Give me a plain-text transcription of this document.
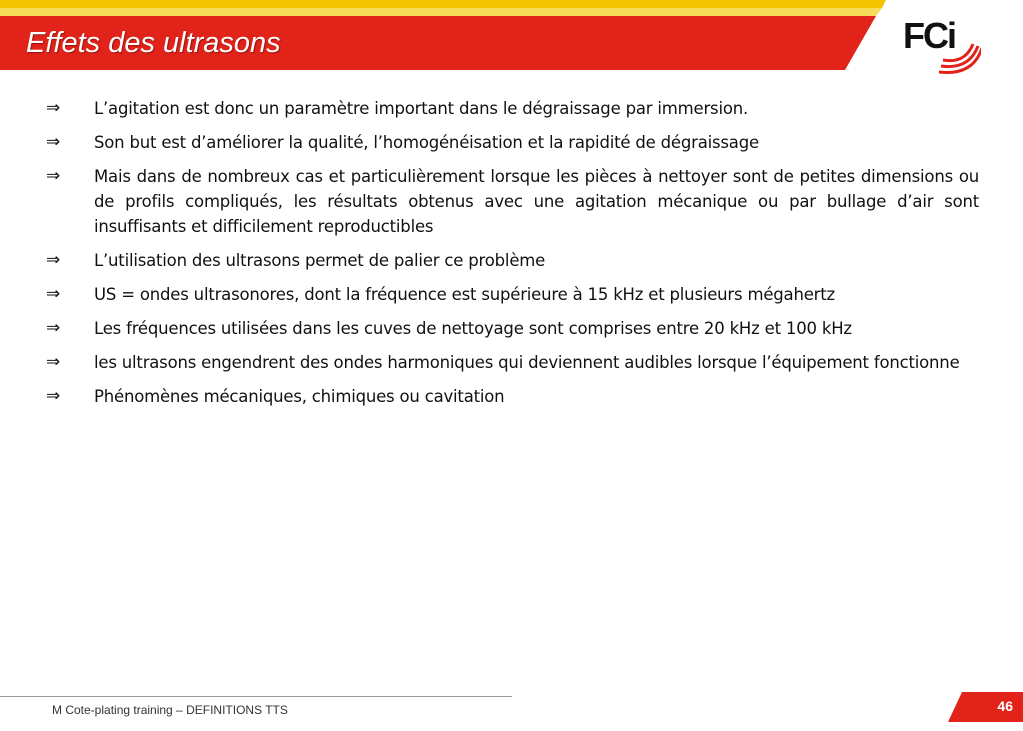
Effets des ultrasons	FCi
⇒ L’agitation est donc un paramètre important dans le dégraissage par immersion.
⇒ Son but est d’améliorer la qualité, l’homogénéisation et la rapidité de dégraissage
⇒ Mais dans de nombreux cas et particulièrement lorsque les pièces à nettoyer sont de petites dimensions ou de profils compliqués, les résultats obtenus avec une agitation mécanique ou par bullage d’air sont insuffisants et difficilement reproductibles
⇒ L’utilisation des ultrasons permet de palier ce problème
⇒ US = ondes ultrasonores, dont la fréquence est supérieure à 15 kHz et plusieurs mégahertz
⇒ Les fréquences utilisées dans les cuves de nettoyage sont comprises entre 20 kHz et 100 kHz
⇒ les ultrasons engendrent des ondes harmoniques qui deviennent audibles lorsque l’équipement fonctionne
⇒ Phénomènes mécaniques, chimiques ou cavitation
M Cote-plating training – DEFINITIONS TTS	46
